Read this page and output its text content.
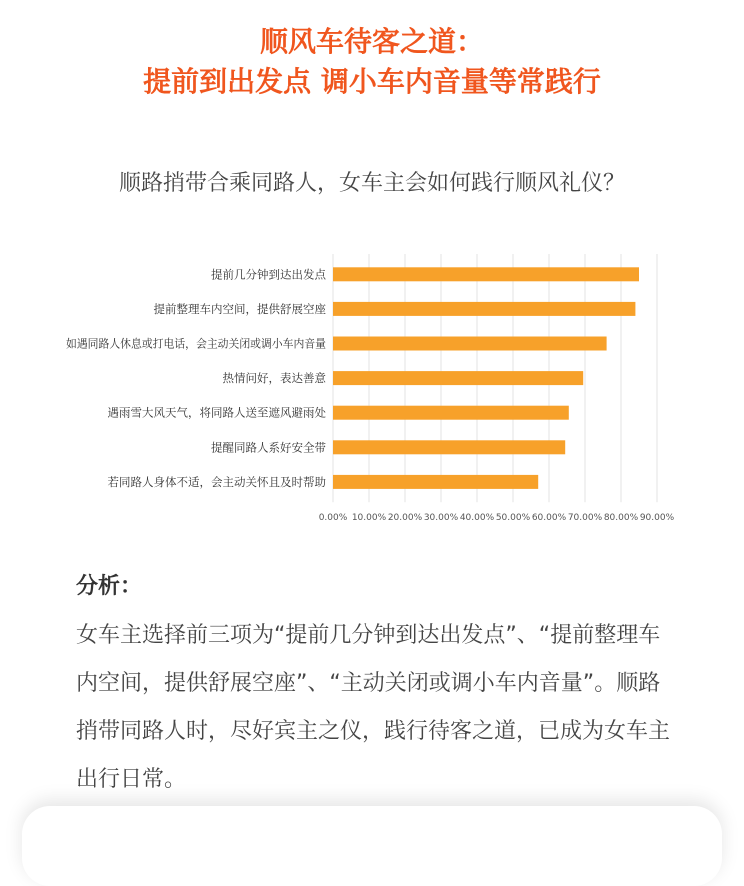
顺风车待客之道：
提前到出发点 调小车内音量等常践行
顺路捎带合乘同路人，女车主会如何践行顺风礼仪？
提前几分钟到达出发点
提前整理车内空间，提供舒展空座
如遇同路人休息或打电话，会主动关闭或调小车内音量
热情问好，表达善意
遇雨雪大风天气，将同路人送至遮风避雨处
提醒同路人系好安全带
若同路人身体不适，会主动关怀且及时帮助
0.00% 10.00% 20.00% 30.00% 40.00% 50.00% 60.00% 70.00% 80.00% 90.00%
分析：
女车主选择前三项为“提前几分钟到达出发点”、“提前整理车内空间，提供舒展空座”、“主动关闭或调小车内音量”。顺路捎带同路人时，尽好宾主之仪，践行待客之道，已成为女车主出行日常。
